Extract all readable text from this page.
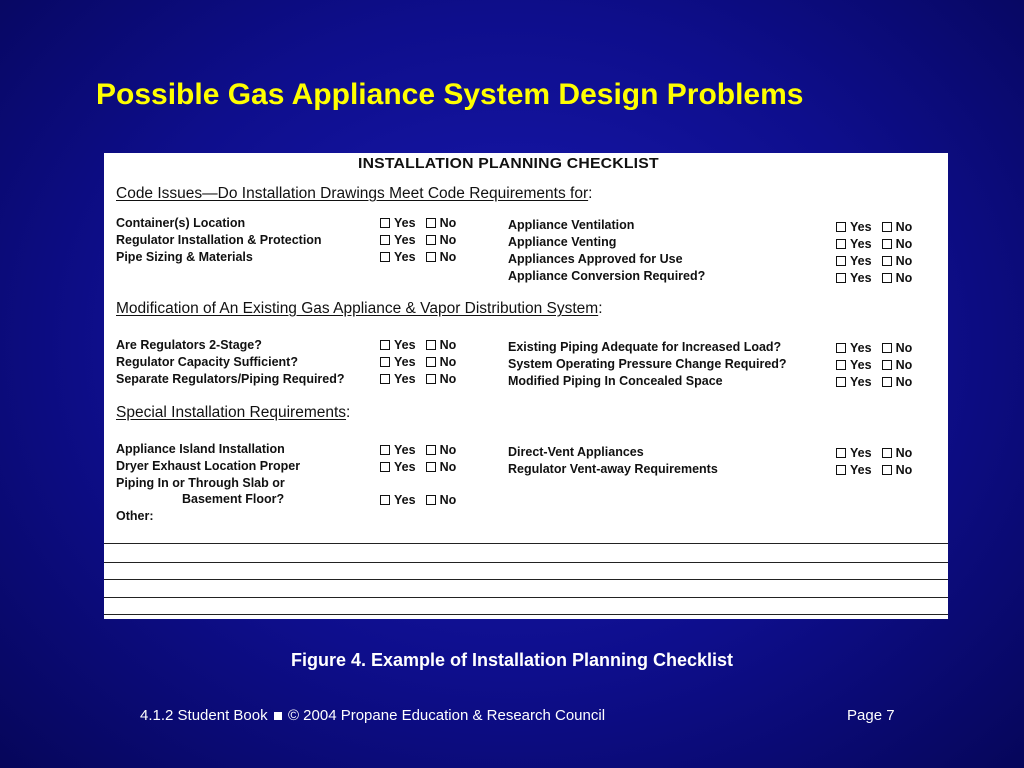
Possible Gas Appliance System Design Problems
INSTALLATION PLANNING CHECKLIST
Code Issues—Do Installation Drawings Meet Code Requirements for:
Container(s) Location
Regulator Installation & Protection
Pipe Sizing & Materials
Yes No
Yes No
Yes No
Appliance Ventilation
Appliance Venting
Appliances Approved for Use
Appliance Conversion Required?
Yes No
Yes No
Yes No
Yes No
Modification of An Existing Gas Appliance & Vapor Distribution System:
Are Regulators 2-Stage?
Regulator Capacity Sufficient?
Separate Regulators/Piping Required?
Yes No
Yes No
Yes No
Existing Piping Adequate for Increased Load?
System Operating Pressure Change Required?
Modified Piping In Concealed Space
Yes No
Yes No
Yes No
Special Installation Requirements:
Appliance Island Installation
Dryer Exhaust Location Proper
Piping In or Through Slab or
Basement Floor?
Other:
Yes No
Yes No
Yes No
Direct-Vent Appliances
Regulator Vent-away Requirements
Yes No
Yes No
Figure 4. Example of Installation Planning Checklist
4.1.2 Student Book © 2004 Propane Education & Research Council	Page 7
